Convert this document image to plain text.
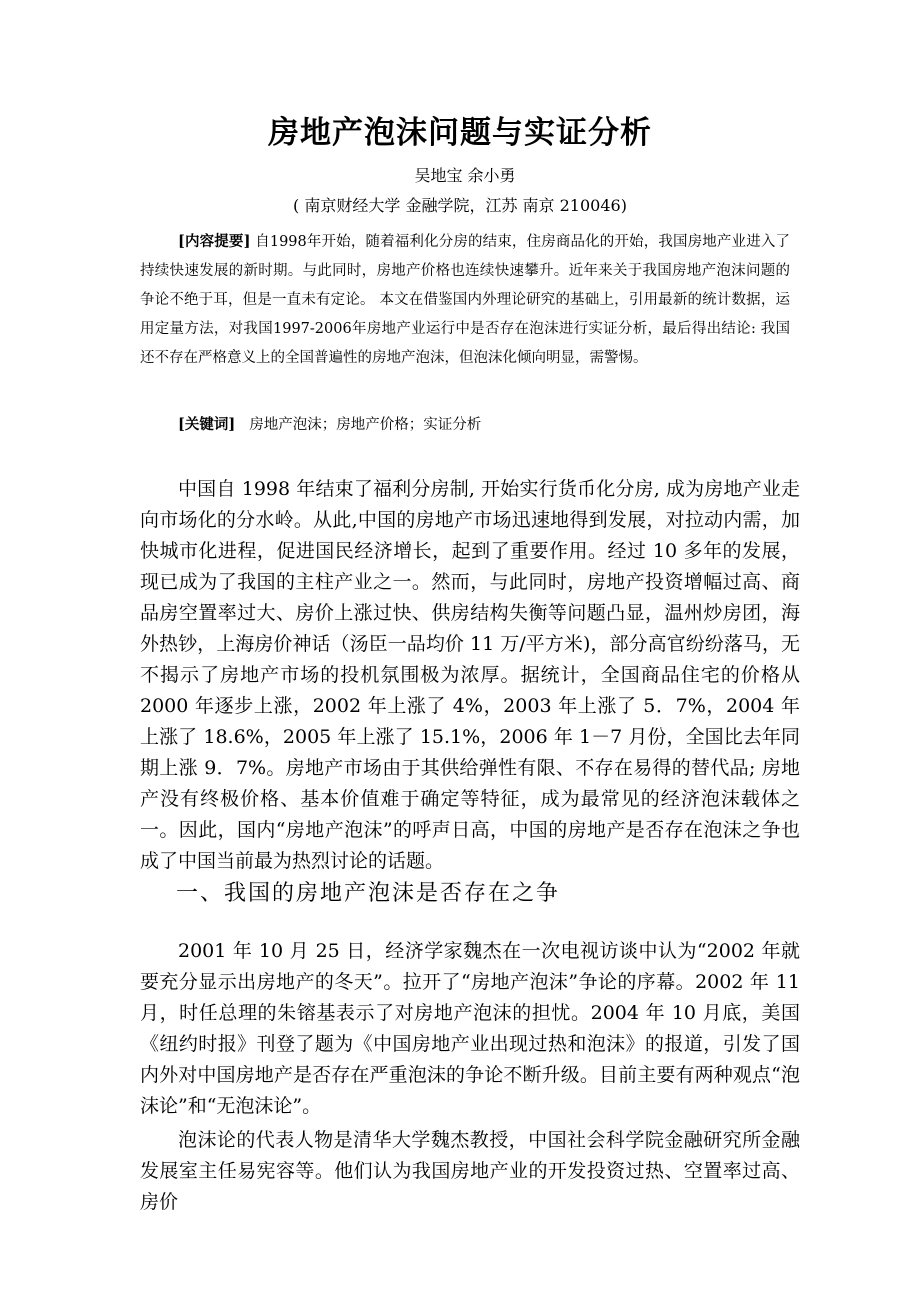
房地产泡沫问题与实证分析
吴地宝 余小勇
( 南京财经大学 金融学院，江苏 南京 210046)

[内容提要] 自1998年开始，随着福利化分房的结束，住房商品化的开始，我国房地产业进入了持续快速发展的新时期。与此同时，房地产价格也连续快速攀升。近年来关于我国房地产泡沫问题的争论不绝于耳，但是一直未有定论。 本文在借鉴国内外理论研究的基础上，引用最新的统计数据，运用定量方法，对我国1997-2006年房地产业运行中是否存在泡沫进行实证分析，最后得出结论: 我国还不存在严格意义上的全国普遍性的房地产泡沫，但泡沫化倾向明显，需警惕。

[关键词] 房地产泡沫；房地产价格；实证分析

中国自 1998 年结束了福利分房制, 开始实行货币化分房, 成为房地产业走向市场化的分水岭。从此,中国的房地产市场迅速地得到发展，对拉动内需，加快城市化进程，促进国民经济增长，起到了重要作用。经过 10 多年的发展，现已成为了我国的主柱产业之一。然而，与此同时，房地产投资增幅过高、商品房空置率过大、房价上涨过快、供房结构失衡等问题凸显，温州炒房团，海外热钞，上海房价神话（汤臣一品均价 11 万/平方米)，部分高官纷纷落马，无不揭示了房地产市场的投机氛围极为浓厚。据统计，全国商品住宅的价格从 2000 年逐步上涨，2002 年上涨了 4%，2003 年上涨了 5．7%，2004 年上涨了 18.6%，2005 年上涨了 15.1%，2006 年 1－7 月份，全国比去年同期上涨 9．7%。房地产市场由于其供给弹性有限、不存在易得的替代品; 房地产没有终极价格、基本价值难于确定等特征，成为最常见的经济泡沫载体之一。因此，国内“房地产泡沫”的呼声日高，中国的房地产是否存在泡沫之争也成了中国当前最为热烈讨论的话题。

一、我国的房地产泡沫是否存在之争

2001 年 10 月 25 日，经济学家魏杰在一次电视访谈中认为“2002 年就要充分显示出房地产的冬天”。拉开了“房地产泡沫”争论的序幕。2002 年 11 月，时任总理的朱镕基表示了对房地产泡沫的担忧。2004 年 10 月底，美国《纽约时报》刊登了题为《中国房地产业出现过热和泡沫》的报道，引发了国内外对中国房地产是否存在严重泡沫的争论不断升级。目前主要有两种观点“泡沫论”和“无泡沫论”。

泡沫论的代表人物是清华大学魏杰教授，中国社会科学院金融研究所金融发展室主任易宪容等。他们认为我国房地产业的开发投资过热、空置率过高、房价
